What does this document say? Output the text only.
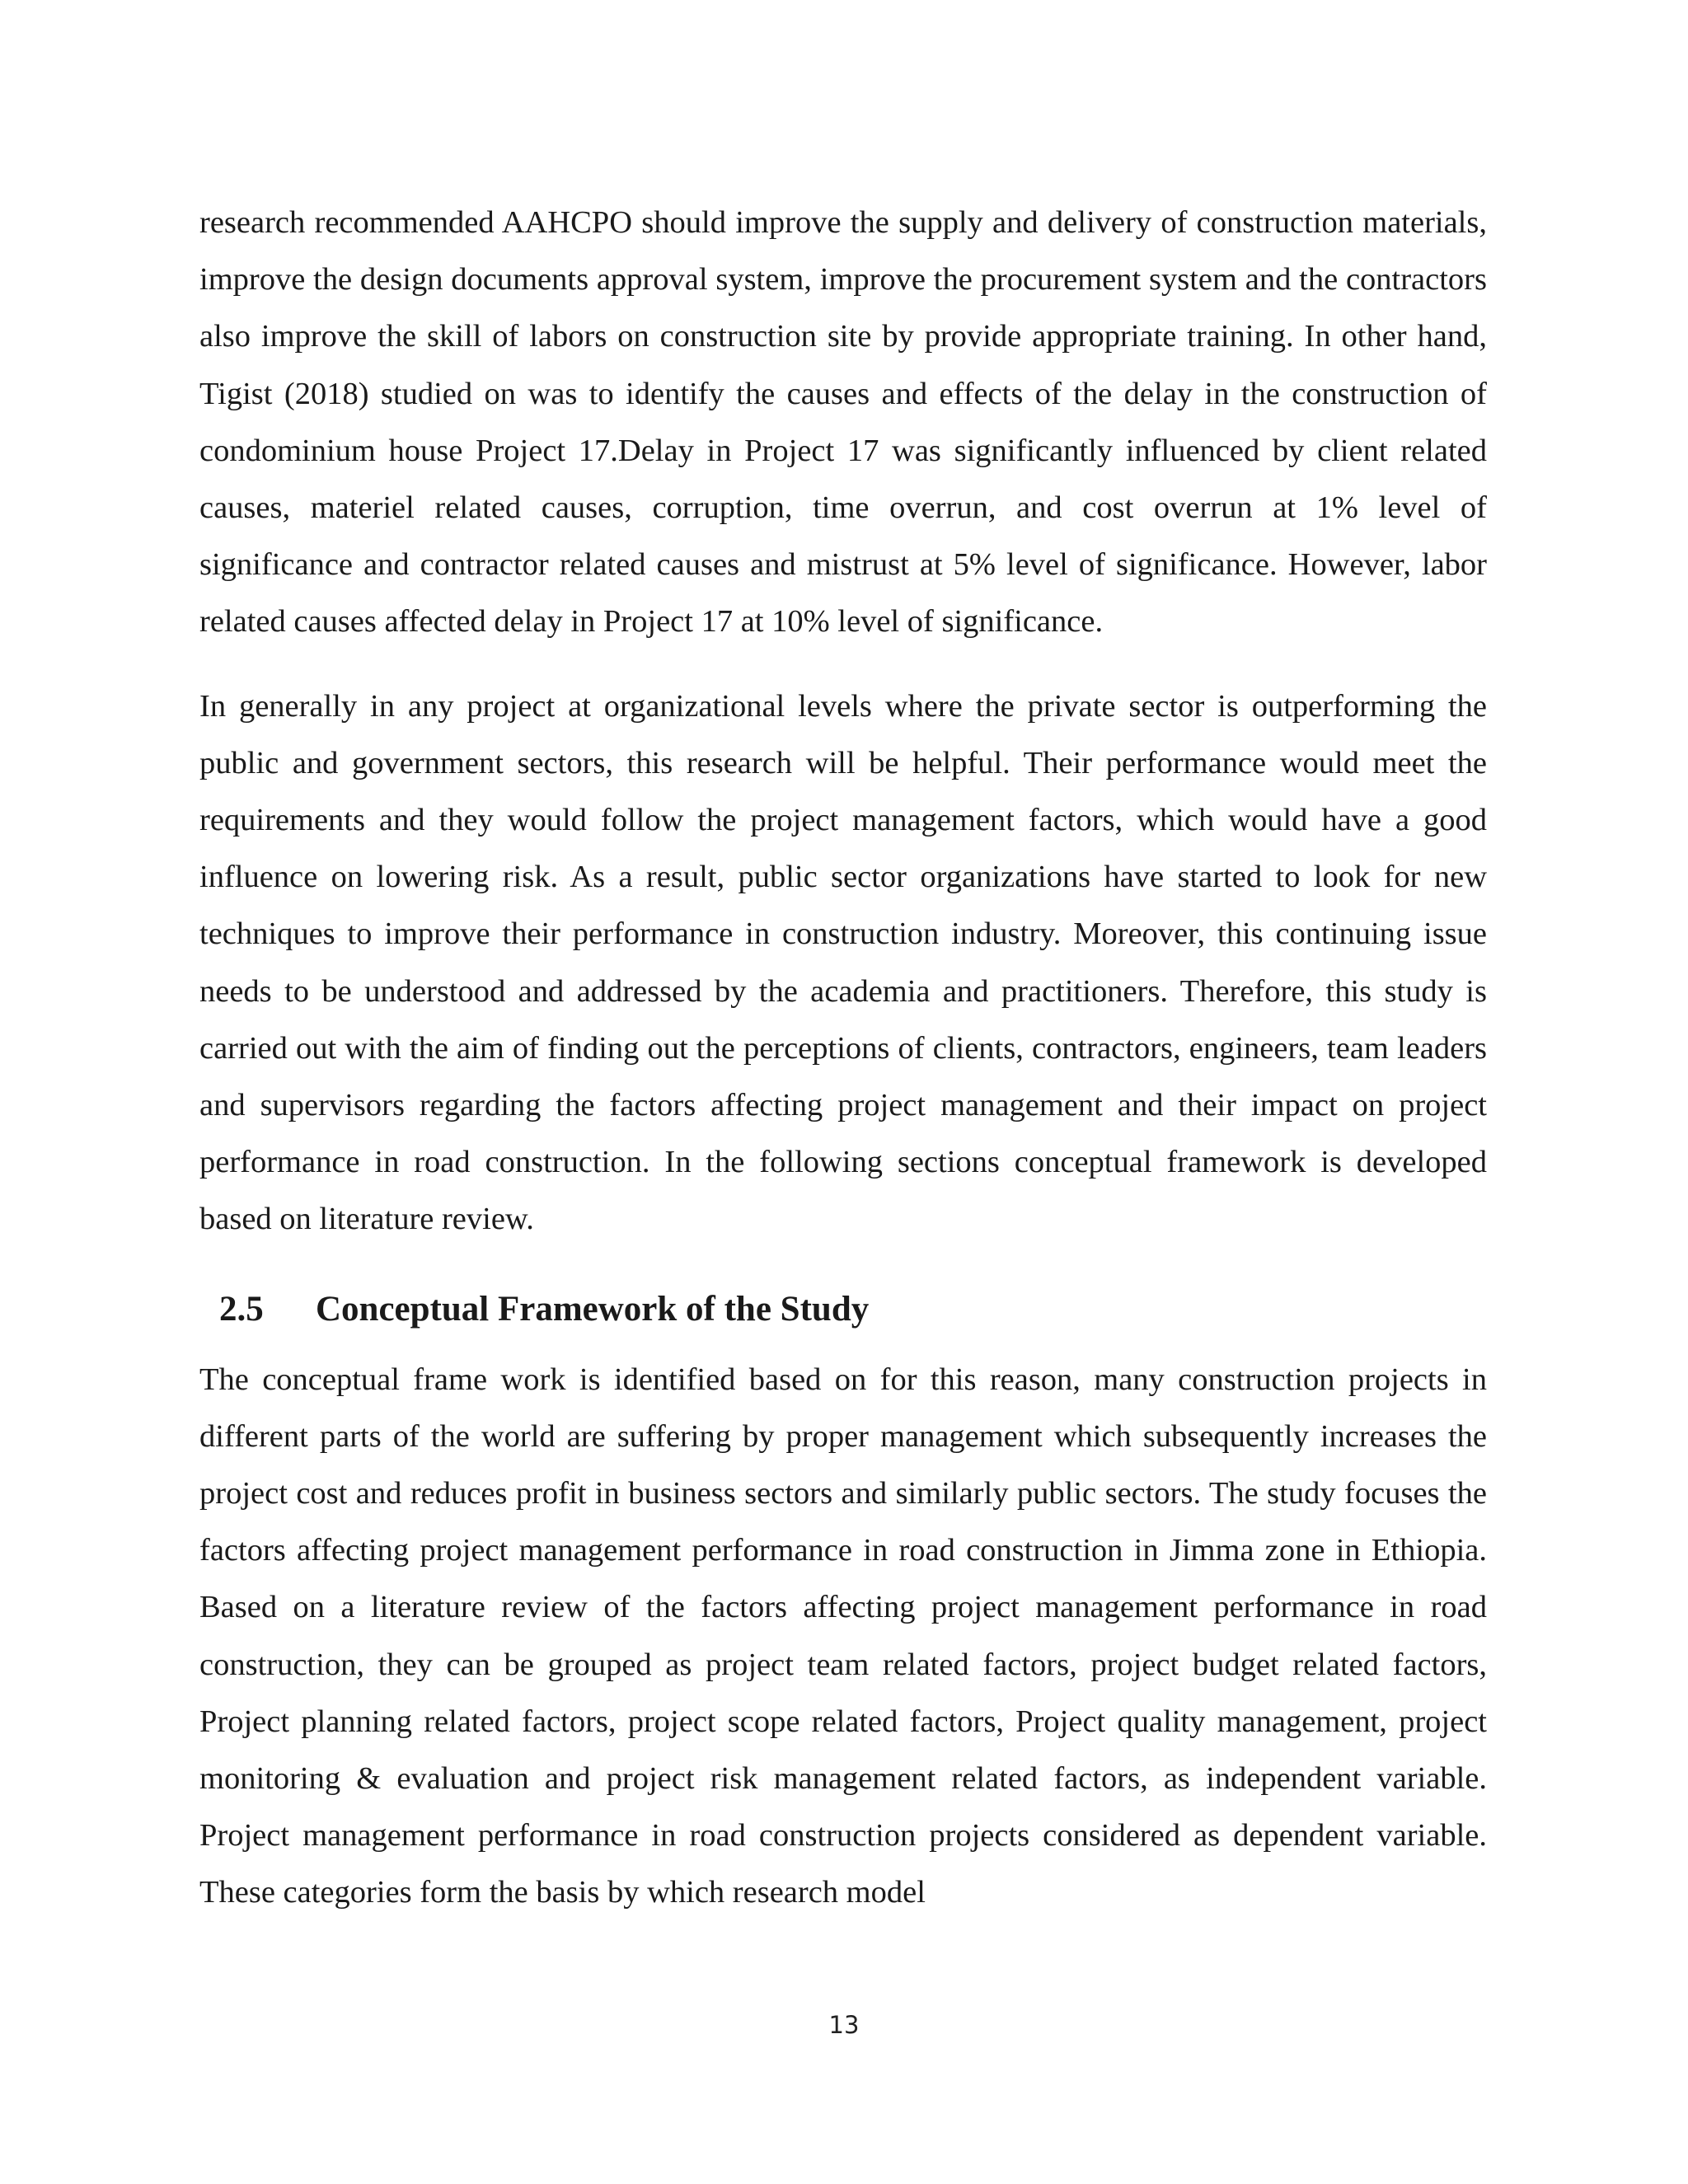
research recommended AAHCPO should improve the supply and delivery of construction materials, improve the design documents approval system, improve the procurement system and the contractors also improve the skill of labors on construction site by provide appropriate training. In other hand, Tigist (2018) studied on was to identify the causes and effects of the delay in the construction of condominium house Project 17.Delay in Project 17 was significantly influenced by client related causes, materiel related causes, corruption, time overrun, and cost overrun at 1% level of significance and contractor related causes and mistrust at 5% level of significance. However, labor related causes affected delay in Project 17 at 10% level of significance.

In generally in any project at organizational levels where the private sector is outperforming the public and government sectors, this research will be helpful. Their performance would meet the requirements and they would follow the project management factors, which would have a good influence on lowering risk. As a result, public sector organizations have started to look for new techniques to improve their performance in construction industry. Moreover, this continuing issue needs to be understood and addressed by the academia and practitioners. Therefore, this study is carried out with the aim of finding out the perceptions of clients, contractors, engineers, team leaders and supervisors regarding the factors affecting project management and their impact on project performance in road construction. In the following sections conceptual framework is developed based on literature review.

2.5	Conceptual Framework of the Study

The conceptual frame work is identified based on for this reason, many construction projects in different parts of the world are suffering by proper management which subsequently increases the project cost and reduces profit in business sectors and similarly public sectors. The study focuses the factors affecting project management performance in road construction in Jimma zone in Ethiopia. Based on a literature review of the factors affecting project management performance in road construction, they can be grouped as project team related factors, project budget related factors, Project planning related factors, project scope related factors, Project quality management, project monitoring & evaluation and project risk management related factors, as independent variable. Project management performance in road construction projects considered as dependent variable. These categories form the basis by which research model

13
